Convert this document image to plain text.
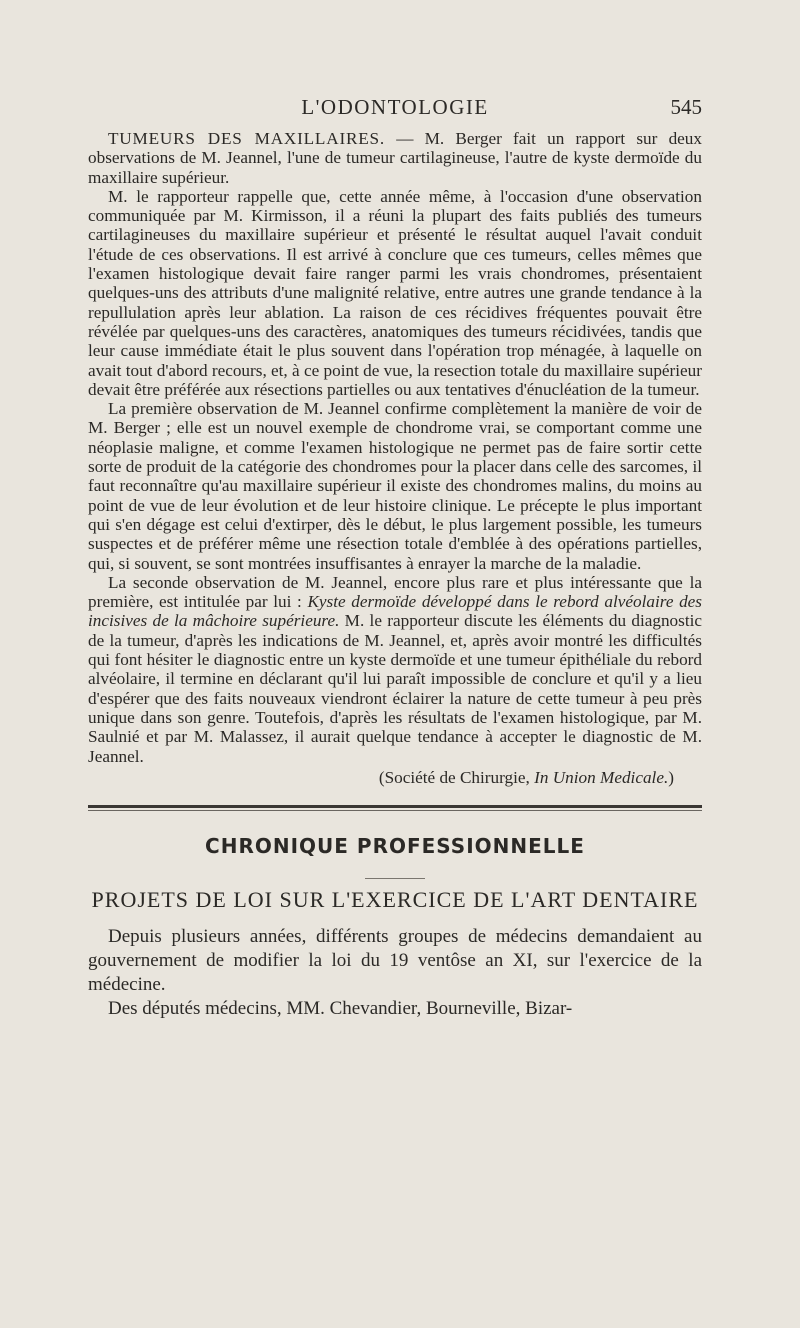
L'ODONTOLOGIE	545

TUMEURS DES MAXILLAIRES. — M. Berger fait un rapport sur deux observations de M. Jeannel, l'une de tumeur cartilagineuse, l'autre de kyste dermoïde du maxillaire supérieur.

M. le rapporteur rappelle que, cette année même, à l'occasion d'une observation communiquée par M. Kirmisson, il a réuni la plupart des faits publiés des tumeurs cartilagineuses du maxillaire supérieur et présenté le résultat auquel l'avait conduit l'étude de ces observations. Il est arrivé à conclure que ces tumeurs, celles mêmes que l'examen histologique devait faire ranger parmi les vrais chondromes, présentaient quelques-uns des attributs d'une malignité relative, entre autres une grande tendance à la repullulation après leur ablation. La raison de ces récidives fréquentes pouvait être révélée par quelques-uns des caractères, anatomiques des tumeurs récidivées, tandis que leur cause immédiate était le plus souvent dans l'opération trop ménagée, à laquelle on avait tout d'abord recours, et, à ce point de vue, la resection totale du maxillaire supérieur devait être préférée aux résections partielles ou aux tentatives d'énucléation de la tumeur.

La première observation de M. Jeannel confirme complètement la manière de voir de M. Berger ; elle est un nouvel exemple de chondrome vrai, se comportant comme une néoplasie maligne, et comme l'examen histologique ne permet pas de faire sortir cette sorte de produit de la catégorie des chondromes pour la placer dans celle des sarcomes, il faut reconnaître qu'au maxillaire supérieur il existe des chondromes malins, du moins au point de vue de leur évolution et de leur histoire clinique. Le précepte le plus important qui s'en dégage est celui d'extirper, dès le début, le plus largement possible, les tumeurs suspectes et de préférer même une résection totale d'emblée à des opérations partielles, qui, si souvent, se sont montrées insuffisantes à enrayer la marche de la maladie.

La seconde observation de M. Jeannel, encore plus rare et plus intéressante que la première, est intitulée par lui : Kyste dermoïde développé dans le rebord alvéolaire des incisives de la mâchoire supérieure. M. le rapporteur discute les éléments du diagnostic de la tumeur, d'après les indications de M. Jeannel, et, après avoir montré les difficultés qui font hésiter le diagnostic entre un kyste dermoïde et une tumeur épithéliale du rebord alvéolaire, il termine en déclarant qu'il lui paraît impossible de conclure et qu'il y a lieu d'espérer que des faits nouveaux viendront éclairer la nature de cette tumeur à peu près unique dans son genre. Toutefois, d'après les résultats de l'examen histologique, par M. Saulnié et par M. Malassez, il aurait quelque tendance à accepter le diagnostic de M. Jeannel.

(Société de Chirurgie, In Union Medicale.)

CHRONIQUE PROFESSIONNELLE
PROJETS DE LOI SUR L'EXERCICE DE L'ART DENTAIRE

Depuis plusieurs années, différents groupes de médecins demandaient au gouvernement de modifier la loi du 19 ventôse an XI, sur l'exercice de la médecine.

Des députés médecins, MM. Chevandier, Bourneville, Bizar-
